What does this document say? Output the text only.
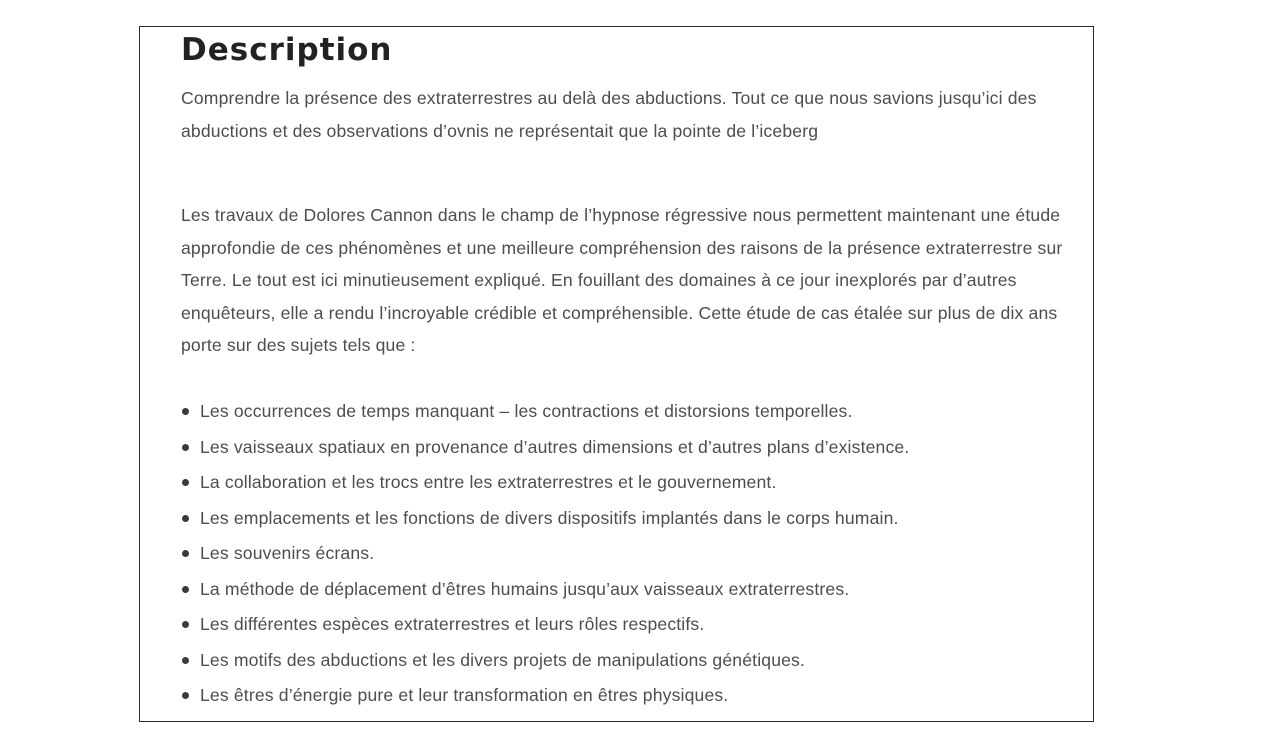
Description

Comprendre la présence des extraterrestres au delà des abductions. Tout ce que nous savions jusqu’ici des abductions et des observations d’ovnis ne représentait que la pointe de l’iceberg

Les travaux de Dolores Cannon dans le champ de l’hypnose régressive nous permettent maintenant une étude approfondie de ces phénomènes et une meilleure compréhension des raisons de la présence extraterrestre sur Terre. Le tout est ici minutieusement expliqué. En fouillant des domaines à ce jour inexplorés par d’autres enquêteurs, elle a rendu l’incroyable crédible et compréhensible. Cette étude de cas étalée sur plus de dix ans porte sur des sujets tels que :

Les occurrences de temps manquant – les contractions et distorsions temporelles.
Les vaisseaux spatiaux en provenance d’autres dimensions et d’autres plans d’existence.
La collaboration et les trocs entre les extraterrestres et le gouvernement.
Les emplacements et les fonctions de divers dispositifs implantés dans le corps humain.
Les souvenirs écrans.
La méthode de déplacement d’êtres humains jusqu’aux vaisseaux extraterrestres.
Les différentes espèces extraterrestres et leurs rôles respectifs.
Les motifs des abductions et les divers projets de manipulations génétiques.
Les êtres d’énergie pure et leur transformation en êtres physiques.
